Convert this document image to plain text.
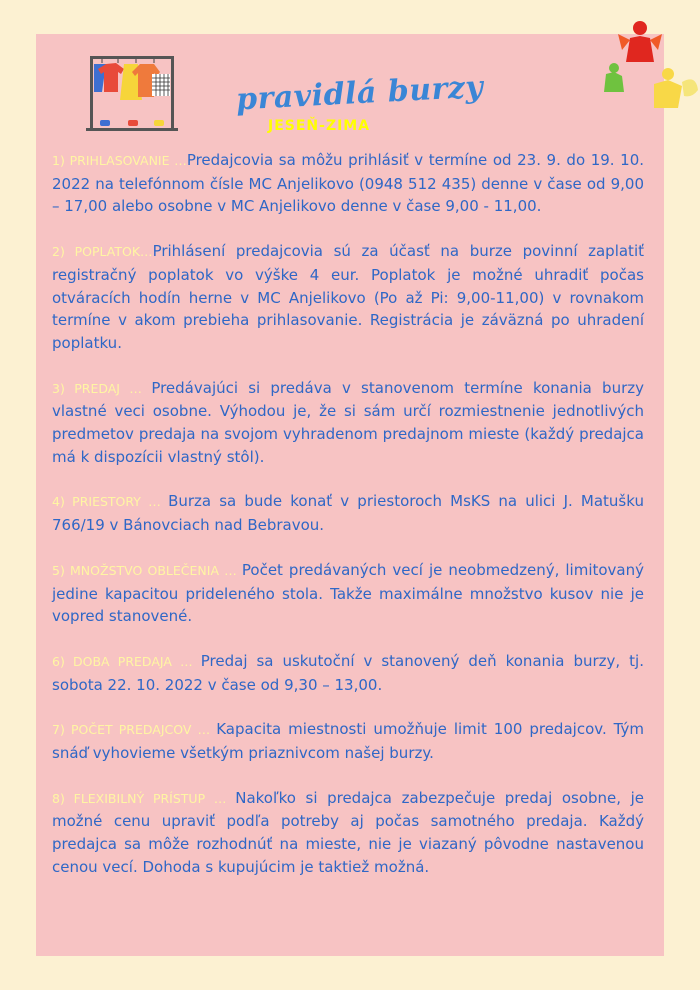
pravidlá burzy
JESEŇ-ZIMA

1) PRIHLASOVANIE …Predajcovia sa môžu prihlásiť v termíne od 23. 9. do 19. 10. 2022 na telefónnom čísle MC Anjelikovo (0948 512 435) denne v čase od 9,00 – 17,00 alebo osobne v MC Anjelikovo denne v čase 9,00 - 11,00.

2) POPLATOK…Prihlásení predajcovia sú za účasť na burze povinní zaplatiť registračný poplatok vo výške 4 eur. Poplatok je možné uhradiť počas otváracích hodín herne v MC Anjelikovo (Po až Pi: 9,00-11,00) v rovnakom termíne v akom prebieha prihlasovanie. Registrácia je záväzná po uhradení poplatku.

3) PREDAJ … Predávajúci si predáva v stanovenom termíne konania burzy vlastné veci osobne. Výhodou je, že si sám určí rozmiestnenie jednotlivých predmetov predaja na svojom vyhradenom predajnom mieste (každý predajca má k dispozícii vlastný stôl).

4) PRIESTORY … Burza sa bude konať v priestoroch MsKS na ulici J. Matušku 766/19 v Bánovciach nad Bebravou.

5) MNOŽSTVO OBLEČENIA … Počet predávaných vecí je neobmedzený, limitovaný jedine kapacitou prideleného stola. Takže maximálne množstvo kusov nie je vopred stanovené.

6) DOBA PREDAJA … Predaj sa uskutoční v stanovený deň konania burzy, tj. sobota 22. 10. 2022 v čase od 9,30 – 13,00.

7) POČET PREDAJCOV … Kapacita miestnosti umožňuje limit 100 predajcov. Tým snáď vyhovieme všetkým priaznivcom našej burzy.

8) FLEXIBILNÝ PRÍSTUP … Nakoľko si predajca zabezpečuje predaj osobne, je možné cenu upraviť podľa potreby aj počas samotného predaja. Každý predajca sa môže rozhodnúť na mieste, nie je viazaný pôvodne nastavenou cenou vecí. Dohoda s kupujúcim je taktiež možná.
